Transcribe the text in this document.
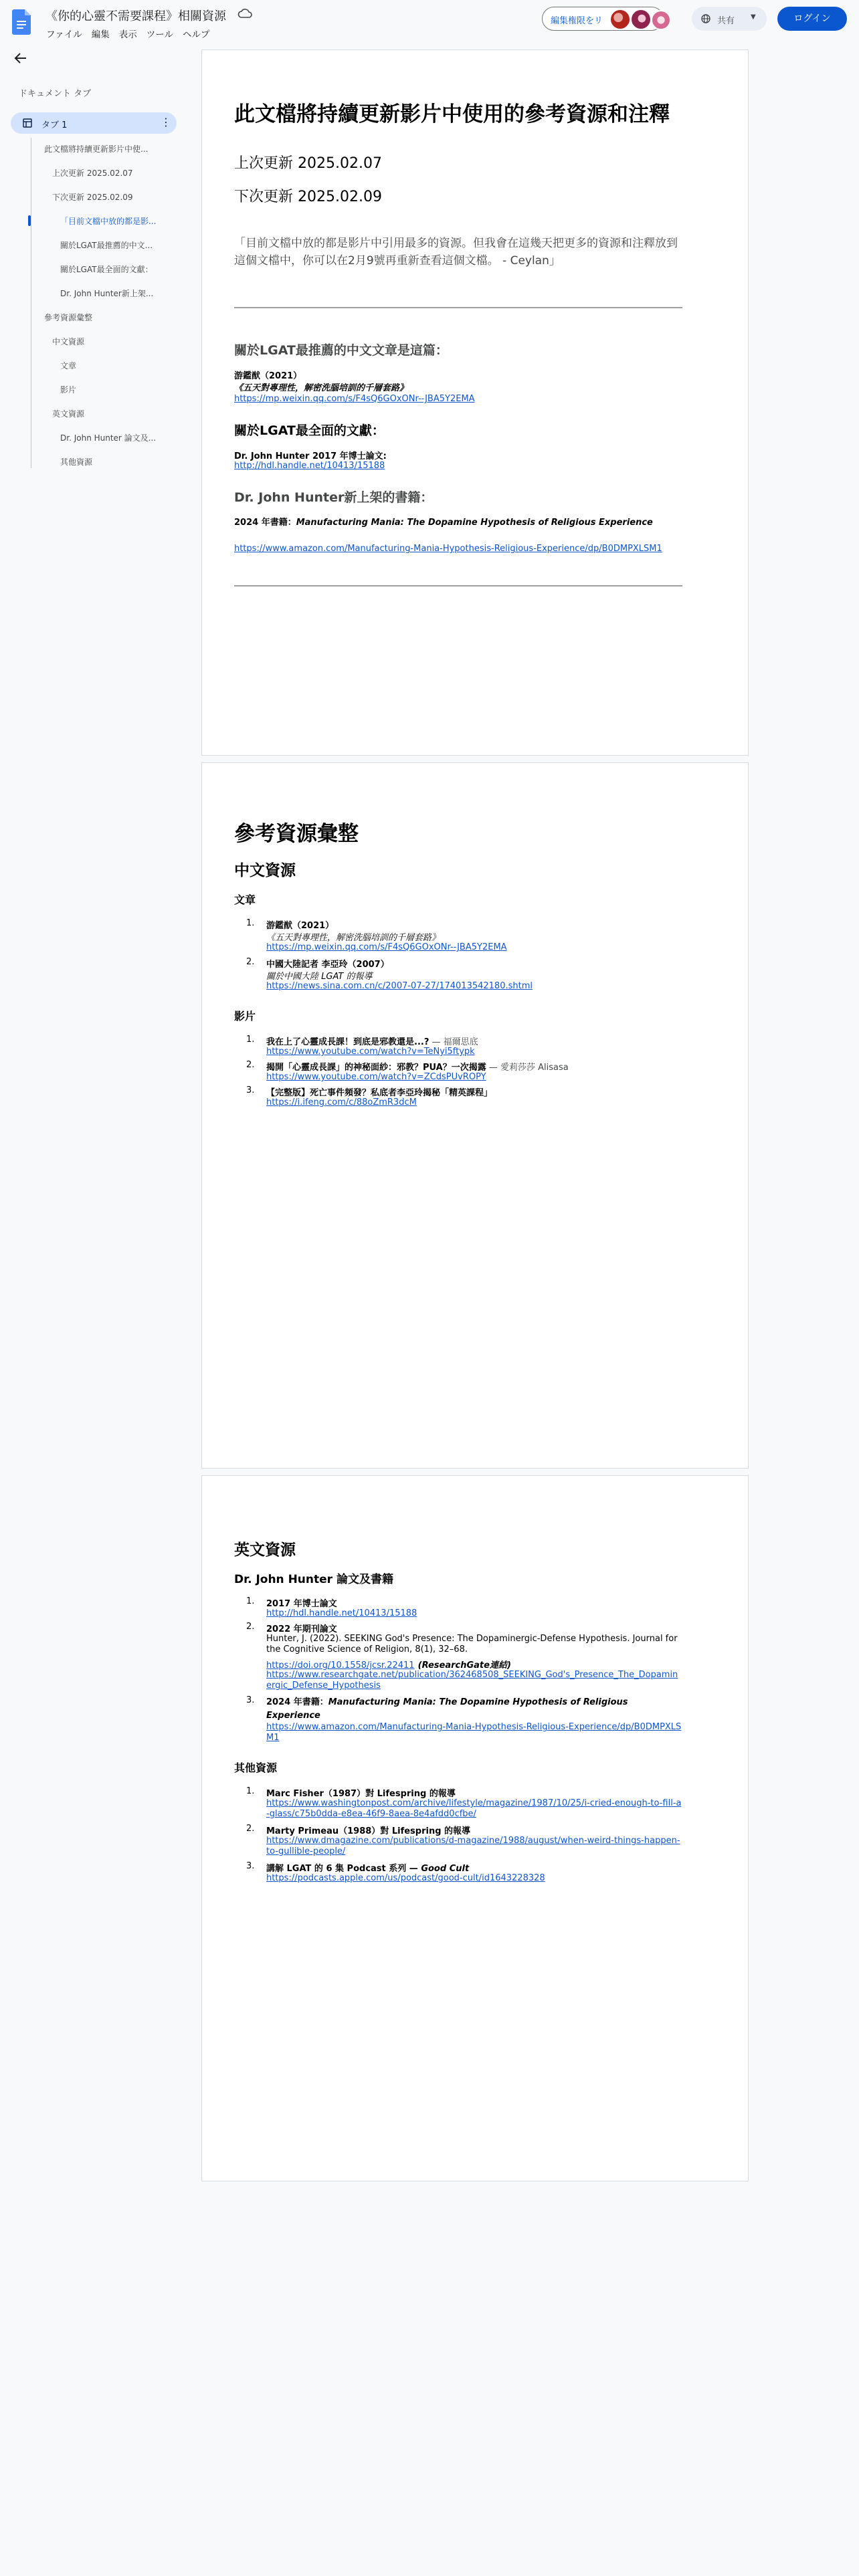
《你的心靈不需要課程》相關資源
ファイル	編集	表示	ツール	ヘルプ
編集権限をリ	共有 ▼	ログイン
ドキュメント タブ
タブ 1	⋮
此文檔將持續更新影片中使...
上次更新 2025.02.07
下次更新 2025.02.09
「目前文檔中放的都是影...
關於LGAT最推薦的中文...
關於LGAT最全面的文獻：
Dr. John Hunter新上架...
參考資源彙整
中文資源
文章
影片
英文資源
Dr. John Hunter 論文及...
其他資源
此文檔將持續更新影片中使用的參考資源和注釋
上次更新 2025.02.07
下次更新 2025.02.09
「目前文檔中放的都是影片中引用最多的資源。但我會在這幾天把更多的資源和注釋放到這個文檔中，你可以在2月9號再重新查看這個文檔。 - Ceylan」
關於LGAT最推薦的中文文章是這篇：
游鑑猷（2021）
《五天對專理性，解密洗腦培訓的千層套路》
https://mp.weixin.qq.com/s/F4sQ6GOxONr--JBA5Y2EMA
關於LGAT最全面的文獻：
Dr. John Hunter 2017 年博士論文:
http://hdl.handle.net/10413/15188
Dr. John Hunter新上架的書籍：
2024 年書籍：Manufacturing Mania: The Dopamine Hypothesis of Religious Experience
https://www.amazon.com/Manufacturing-Mania-Hypothesis-Religious-Experience/dp/B0DMPXLSM1
參考資源彙整
中文資源
文章
1. 游鑑猷（2021）
《五天對專理性，解密洗腦培訓的千層套路》
https://mp.weixin.qq.com/s/F4sQ6GOxONr--JBA5Y2EMA
2. 中國大陸記者 李亞玲（2007）
關於中國大陸 LGAT 的報導
https://news.sina.com.cn/c/2007-07-27/174013542180.shtml
影片
1. 我在上了心靈成長課！到底是邪教還是...? — 福爾思底
https://www.youtube.com/watch?v=TeNyi5ftypk
2. 揭開「心靈成長課」的神秘面紗：邪教？PUA？一次揭露 — 愛莉莎莎 Alisasa
https://www.youtube.com/watch?v=ZCdsPUvROPY
3. 【完整版】死亡事件頻發？私底者李亞玲揭秘「精英課程」
https://i.ifeng.com/c/88oZmR3dcM
英文資源
Dr. John Hunter 論文及書籍
1. 2017 年博士論文
http://hdl.handle.net/10413/15188
2. 2022 年期刊論文
Hunter, J. (2022). SEEKING God's Presence: The Dopaminergic-Defense Hypothesis. Journal for the Cognitive Science of Religion, 8(1), 32–68.
https://doi.org/10.1558/jcsr.22411 (ResearchGate連結)
https://www.researchgate.net/publication/362468508_SEEKING_God's_Presence_The_Dopaminergic_Defense_Hypothesis
3. 2024 年書籍：Manufacturing Mania: The Dopamine Hypothesis of Religious Experience
https://www.amazon.com/Manufacturing-Mania-Hypothesis-Religious-Experience/dp/B0DMPXLSM1
其他資源
1. Marc Fisher（1987）對 Lifespring 的報導
https://www.washingtonpost.com/archive/lifestyle/magazine/1987/10/25/i-cried-enough-to-fill-a-glass/c75b0dda-e8ea-46f9-8aea-8e4afdd0cfbe/
2. Marty Primeau（1988）對 Lifespring 的報導
https://www.dmagazine.com/publications/d-magazine/1988/august/when-weird-things-happen-to-gullible-people/
3. 講解 LGAT 的 6 集 Podcast 系列 — Good Cult
https://podcasts.apple.com/us/podcast/good-cult/id1643228328
